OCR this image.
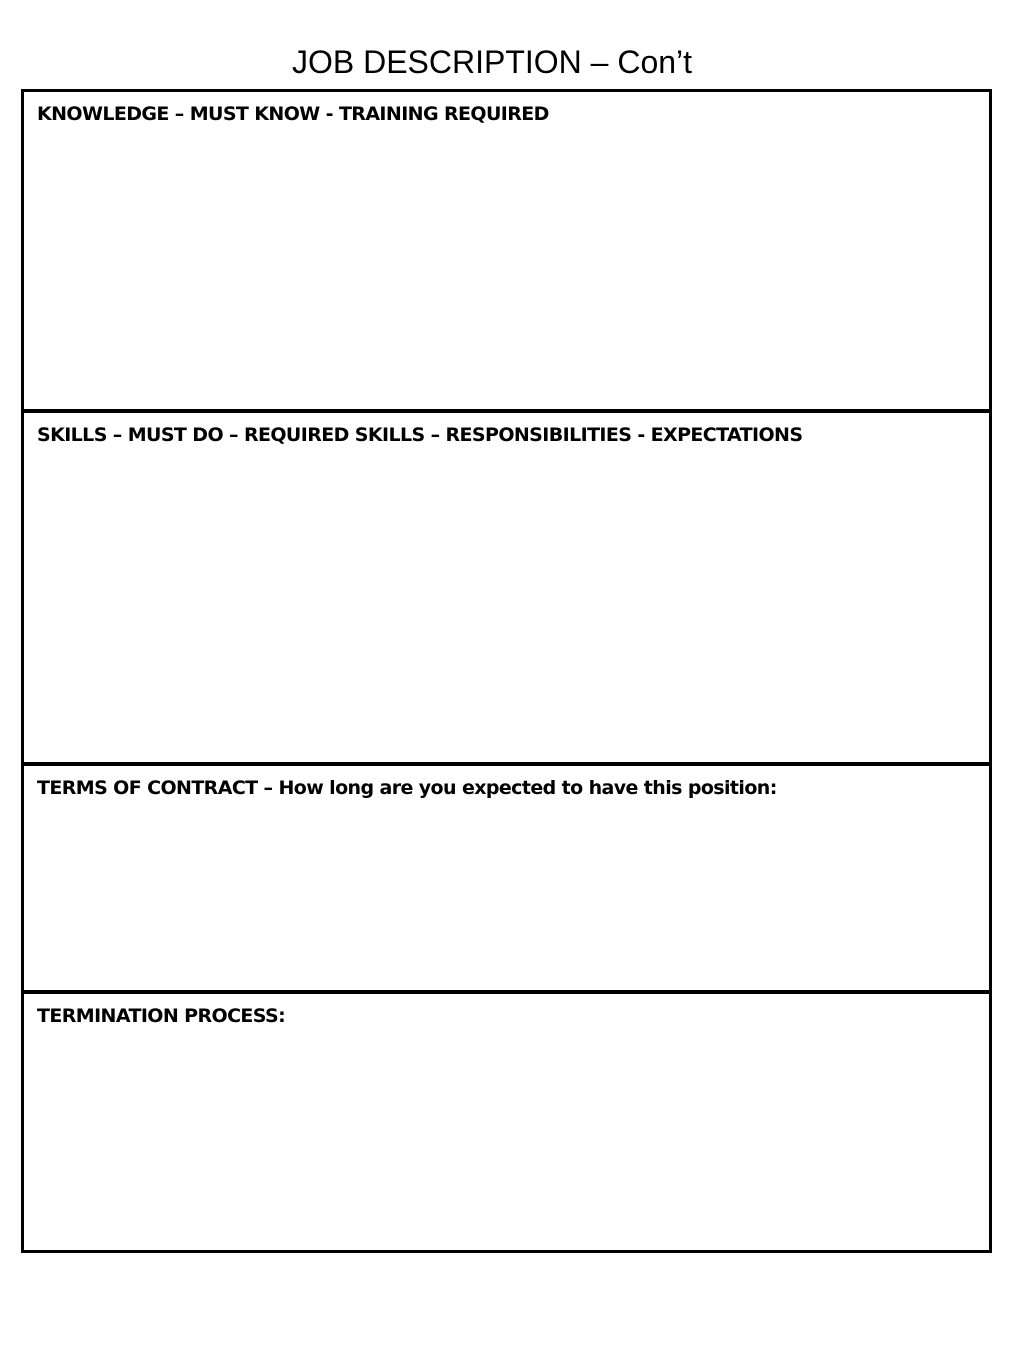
JOB DESCRIPTION – Con’t
KNOWLEDGE – MUST KNOW - TRAINING REQUIRED
SKILLS – MUST DO – REQUIRED SKILLS – RESPONSIBILITIES - EXPECTATIONS
TERMS OF CONTRACT – How long are you expected to have this position:
TERMINATION PROCESS:
